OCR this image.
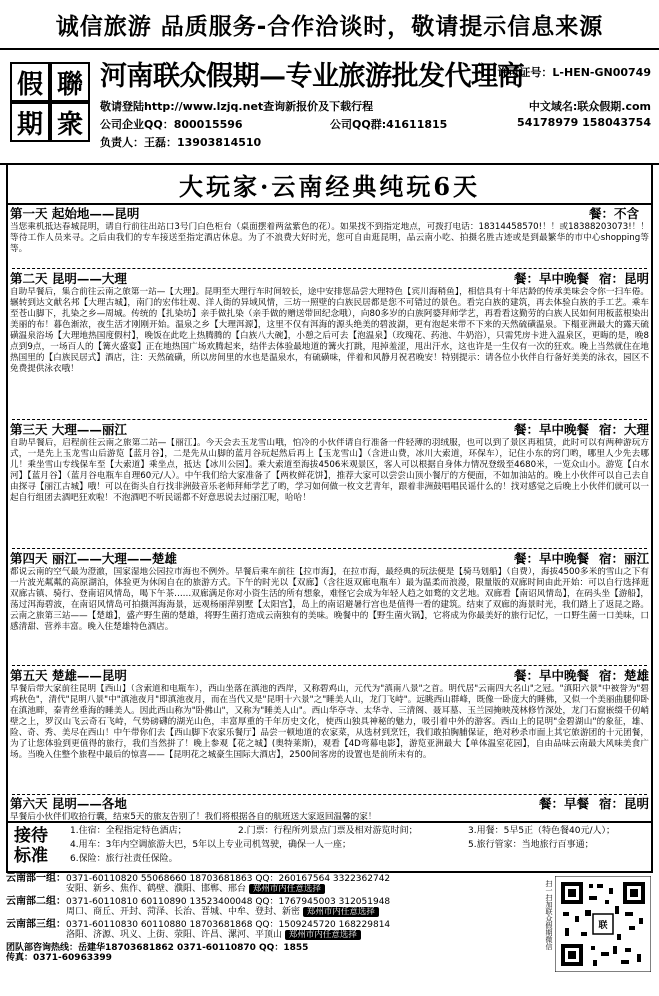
诚信旅游 品质服务-合作洽谈时，敬请提示信息来源
假 聯
期 衆
河南联众假期—专业旅游批发代理商
许可证号：L-HEN-GN00749
敬请登陆http://www.lzjq.net查询新报价及下载行程	中文域名:联众假期.com
公司企业QQ：800015596	公司QQ群:41611815	54178979 158043754
负责人：王磊：13903814510
大玩家·云南经典纯玩6天
第一天 起始地——昆明	餐：不含
当您乘机抵达春城昆明，请自行前往出站口3号门白色柜台（桌面摆着两盆紫色的花）。如果找不到指定地点，可拨打电话：18314458570!！！或18388203073!！！等待工作人员来寻。之后由我们的专车接送至指定酒店休息。为了不浪费大好时光，您可自由逛昆明，品云南小吃、拍摄名胜古迹或是到最繁华的市中心shopping等等。
第二天 昆明——大理	餐：早中晚餐 宿：昆明
自助早餐后，集合前往云南之旅第一站—【大理】。昆明至大理行车时间较长，途中安排您品尝大理特色【宾川海稍鱼】，相信具有十年店龄的传承美味会令你一扫车倦。辗转到达文献名邦【大理古城】，南门的宏伟壮观、洋人街的异域风情，三坊一照壁的白族民居都是您不可错过的景色。看完白族的建筑，再去体验白族的手工艺。乘车至苍山脚下，扎染之乡—周城。传统的【扎染坊】亲手做扎染（亲手做的赠送带回纪念哦），向80多岁的白族阿婆拜师学艺，再看看这勤劳的白族人民如何用板蓝根染出美丽的布！暮色渐浓，夜生活才刚刚开始。温泉之乡【大理洱源】，这里不仅有洱海的源头绝美的碧波湖，更有泡起来带不下来的天然硫磺温泉。下榻亚洲最大的露天硫磺温泉浴场【大理地热国度假村】，晚饭在此吃上热腾腾的【白族八大碗】，小憩之后可去【泡温泉】（玫瑰花、药池、牛奶浴），只需凭房卡进入温泉区，更晦的是，晚8点到9点，一场百人的【篝火盛宴】正在地热国广场欢腾起来，结伴去体验最地道的篝火打跳，甩掉羞涩，甩出汗水，这也许是一生仅有一次的狂欢。晚上当然就住在地热国里的【白族民居式】酒店，注：天然硫磺，所以房间里的水也是温泉水，有硫磺味，伴着和风静月祝君晚安！特别提示：请各位小伙伴自行备好美美的泳衣，园区不免费提供泳衣哦！
第三天 大理——丽江	餐：早中晚餐 宿：大理
自助早餐后，启程前往云南之旅第二站—【丽江】。今天会去玉龙雪山哦，怕冷的小伙伴请自行准备一件轻薄的羽绒服，也可以到了景区再租赁，此时可以有两种游玩方式，一是先上玉龙雪山后游览【蓝月谷】，二是先从山脚的蓝月谷玩起然后再上【玉龙雪山】（含进山费，冰川大索道，环保车），记住小东的窍门哟，哪里人少先去哪儿！乘坐雪山专线保车至【大索道】乘坐点，抵达【冰川公园】。乘大索道至海拔4506米观景区，客人可以根据自身体力情况登级至4680米，一览众山小。游览【白水河】【蓝月谷】（蓝月谷电瓶车自理60元/人）。中午我们给大家准备了【两枚鲜花饼】，推荐大家可以尝尝山顶小餐厅的方便面，不如加油站的。晚上小伙伴可以自己去自由探寻【丽江古城】哦！可以在街头自行找非洲鼓音乐老师拜师学艺了哟，学习如何做一枚文艺青年，跟着非洲鼓唱唱民谣什么的！找对感觉之后晚上小伙伴们就可以一起自行组团去酒吧狂欢啦！不泡酒吧不听民谣都不好意思说去过丽江呢，哈哈！
第四天 丽江——大理——楚雄	餐：早中晚餐 宿：丽江
都说云南的空气最为澄澈，国家湿地公园拉市海也不例外。早餐后乘车前往【拉市海】，在拉市海，最经典的玩法便是【骑马划船】（自费），海拔4500多米的雪山之下有一片波光粼粼的高原湖泊，体验更为休闲自在的旅游方式。下午的时光以【双廊】（含往返双廊电瓶车）最为温柔而浪漫，限量版的双廊时间由此开始：可以自行选择逛双廊古镇、骑行、登南诏风情岛，喝下午茶……双廊满足你对小资生活的所有想象，难怪它会成为年轻人趋之如鹜的文艺地。双廊看【南诏风情岛】，在码头坐【游船】，荡过洱海碧波，在南诏风情岛可拍摄洱海海景，远观杨丽萍别墅【太阳宫】，岛上的南诏避暑行宫也是值得一看的建筑。结束了双廊的海景时光，我们踏上了返昆之路。云南之旅第三站——【楚雄】，盛产野生菌的楚雄，将野生菌打造成云南独有的美味。晚餐中的【野生菌火锅】，它将成为你最美好的旅行记忆，一口野生菌一口美味，口感清甜、营养丰富。晚入住楚雄特色酒店。
第五天 楚雄——昆明	餐：早中晚餐 宿：楚雄
早餐后带大家前往昆明【西山】（含索道和电瓶车），西山坐落在滇池的西岸，又称碧鸡山，元代为"滇南八景"之首。明代居"云南四大名山"之冠。"滇阳六景"中被誉为"碧鸡秋色"，清代"昆明八景"中"滇池夜月"即滇池夜月，而在当代又是"昆明十六景"之"睡美人山，龙门飞峙"。远眺西山群峰，既像一卧庞大的睡佛，又似一个美丽曲腿仰卧在滇池畔，秦青丝垂海的睡美人。因此西山称为"卧佛山"，又称为"睡美人山"。西山华亭寺、太华寺、三清阁、聂耳墓、玉兰园掩映茂林修竹深处，龙门石窟嵌缀千仞峭壁之上，罗汉山飞云奇石飞峙，气势磅礴的湖光山色，丰富厚重的千年历史文化，使西山独具神秘的魅力，吸引着中外的游客。西山上的昆明"金碧湖山"的象征，雄、险、奇、秀、美尽在西山！中午带你们去【西山脚下农家乐餐厅】品尝一顿地道的农家菜，从选材到烹饪，我们敢拍胸脯保证，绝对秒杀市面上其它旅游团的十元团餐，为了让您体验到更值得的旅行，我们当然拼了！晚上参观【花之城】(奥特莱斯)，观看【4D弯幕电影】，游览亚洲最大【单体温室花园】，自由品味云南最大风味美食广场。当晚入住整个旅程中最后的惊喜——【昆明花之城豪生国际大酒店】，2500间客房的设置也是前所未有的。
第六天 昆明——各地	餐：早餐 宿：昆明
早餐后小伙伴们收拾行囊，结束5天的旅友告别了！我们将根据各自的航班送大家返回温馨的家！
接待标准
1.住宿：全程指定特色酒店；	2.门票：行程所列景点门票及相对游览时间；	3.用餐：5早5正（特色餐40元/人）；
4.用车：3年内空调旅游大巴，5年以上专业司机驾驶，确保一人一座；	5.旅行管家：当地旅行百事通；
6.保险：旅行社责任保险。
云南部一组：0371-60110820 55068660 18703681863 QQ：260167564 3322362742
安阳、新乡、焦作、鹤壁、濮阳、邯郸、邢台 郑州市内任意选择
云南部二组：0371-60110810 60110890 13523400048 QQ：1767945003 312051948
周口、商丘、开封、菏泽、长治、晋城、中牟、登封、新密 郑州市内任意选择
云南部三组：0371-60110830 60110880 18703681868 QQ：1509245720 168229814
洛阳、济源、巩义、上街、荥阳、许昌、漯河、平顶山 郑州市内任意选择
团队部咨询热线：岳建华18703681862 0371-60110870 QQ：1855
传真：0371-60963399
联
扫一扫加联众假期微信
